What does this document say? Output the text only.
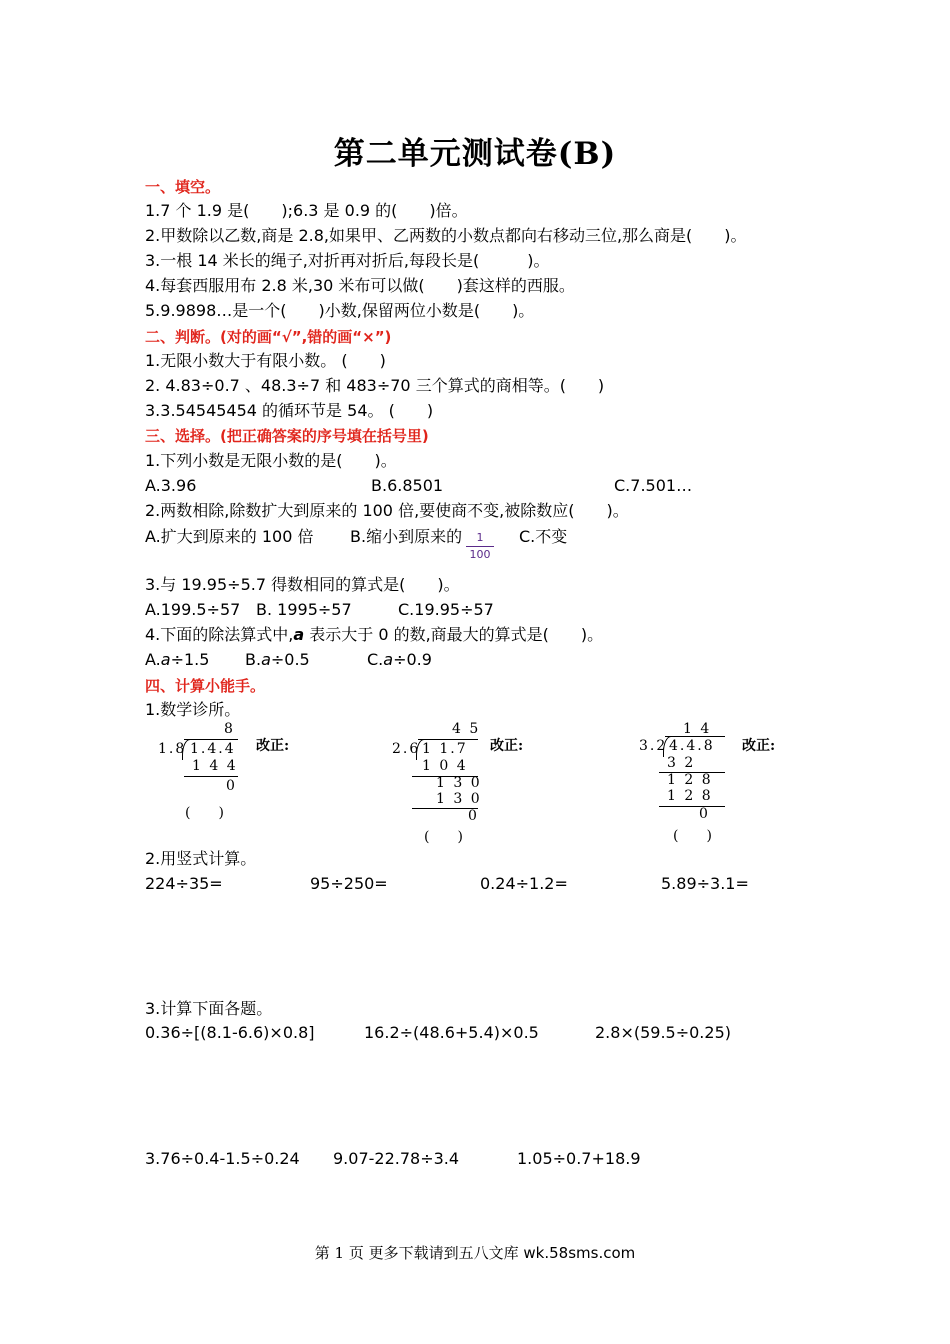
第二单元测试卷(B)
一、填空。
1.7 个 1.9 是(　　);6.3 是 0.9 的(　　)倍。
2.甲数除以乙数,商是 2.8,如果甲、乙两数的小数点都向右移动三位,那么商是(　　)。
3.一根 14 米长的绳子,对折再对折后,每段长是(　　　)。
4.每套西服用布 2.8 米,30 米布可以做(　　)套这样的西服。
5.9.9898…是一个(　　)小数,保留两位小数是(　　)。
二、判断。(对的画“√”,错的画“×”)
1.无限小数大于有限小数。 (　　)
2. 4.83÷0.7 、48.3÷7 和 483÷70 三个算式的商相等。(　　)
3.3.54545454 的循环节是 54。 (　　)
三、选择。(把正确答案的序号填在括号里)
1.下列小数是无限小数的是(　　)。
A.3.96	B.6.8501	C.7.501…
2.两数相除,除数扩大到原来的 100 倍,要使商不变,被除数应(　　)。
A.扩大到原来的 100 倍 B.缩小到原来的	1
100
C.不变
3.与 19.95÷5.7 得数相同的算式是(　　)。
A.199.5÷57 B. 1995÷57	C.19.95÷57
4.下面的除法算式中,a 表示大于 0 的数,商最大的算式是(　　)。
A.a÷1.5 B.a÷0.5	C.a÷0.9
四、计算小能手。
1.数学诊所。
8
1.8 1.4.4
1 4 4
0
改正:
(　　)
4 5
2.6 1 1.7
1 0 4
1 3 0
1 3 0
0
改正:
(　　)
1 4
3.2 4.4.8
3 2
1 2 8
1 2 8
0
改正:
(　　)
2.用竖式计算。
224÷35=	95÷250=	0.24÷1.2=	5.89÷3.1=
3.计算下面各题。
0.36÷[(8.1-6.6)×0.8]	16.2÷(48.6+5.4)×0.5	2.8×(59.5÷0.25)
3.76÷0.4-1.5÷0.24 9.07-22.78÷3.4	1.05÷0.7+18.9
第 1 页 更多下载请到五八文库 wk.58sms.com
